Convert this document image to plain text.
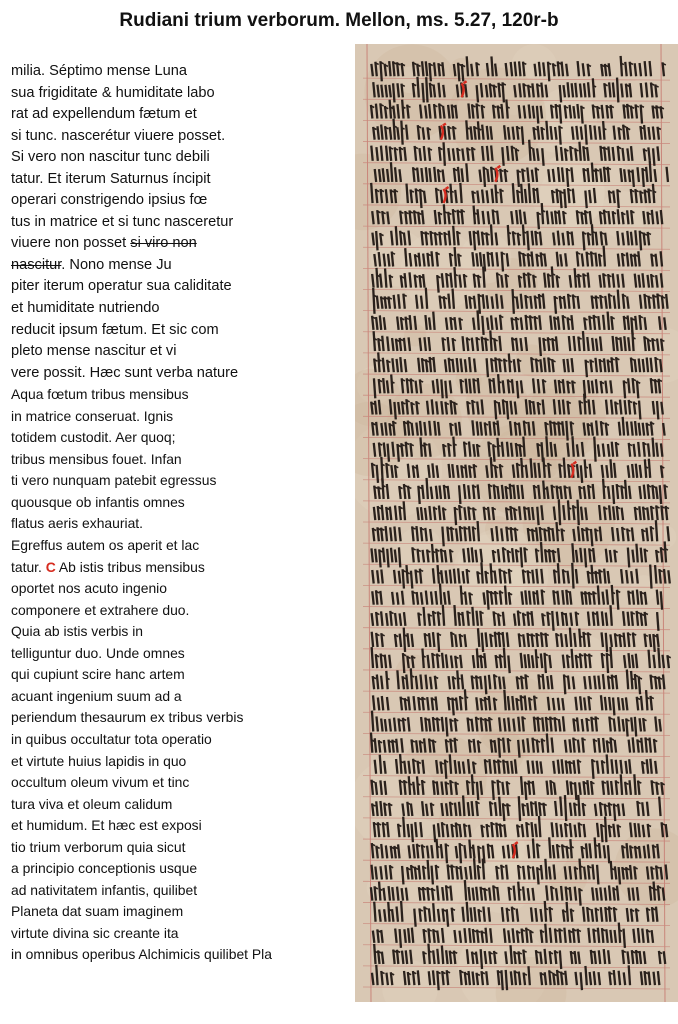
Rudiani trium verborum. Mellon, ms. 5.27, 120r-b
milia. Séptimo mense Luna
sua frigiditate & humiditate labo
rat ad expellendum fætum et
si tunc. nascerétur viuere posset.
Si vero non nascitur tunc debili
tatur. Et iterum Saturnus íncipit
operari constrigendo ipsius fœ
tus in matrice et si tunc nasceretur
viuere non posset si viro non
nascitur. Nono mense Ju
piter iterum operatur sua caliditate
et humiditate nutriendo
reducit ipsum fætum. Et sic com
pleto mense nascitur et vi
vere possit. Hæc sunt verba nature
Aqua fœtum tribus mensibus
in matrice conseruat. Ignis
totidem custodit. Aer quoq;
tribus mensibus fouet. Infan
ti vero nunquam patebit egressus
quousque ob infantis omnes
flatus aeris exhauriat.
Egreffus autem os aperit et lac
tatur. C Ab istis tribus mensibus
oportet nos acuto ingenio
componere et extrahere duo.
Quia ab istis verbis in
telliguntur duo. Unde omnes
qui cupiunt scire hanc artem
acuant ingenium suum ad a
periendum thesaurum ex tribus verbis
in quibus occultatur tota operatio
et virtute huius lapidis in quo
occultum oleum vivum et tinc
tura viva et oleum calidum
et humidum. Et hæc est exposi
tio trium verborum quia sicut
a principio conceptionis usque
ad nativitatem infantis, quilibet
Planeta dat suam imaginem
virtute divina sic creante ita
in omnibus operibus Alchimicis quilibet Pla
